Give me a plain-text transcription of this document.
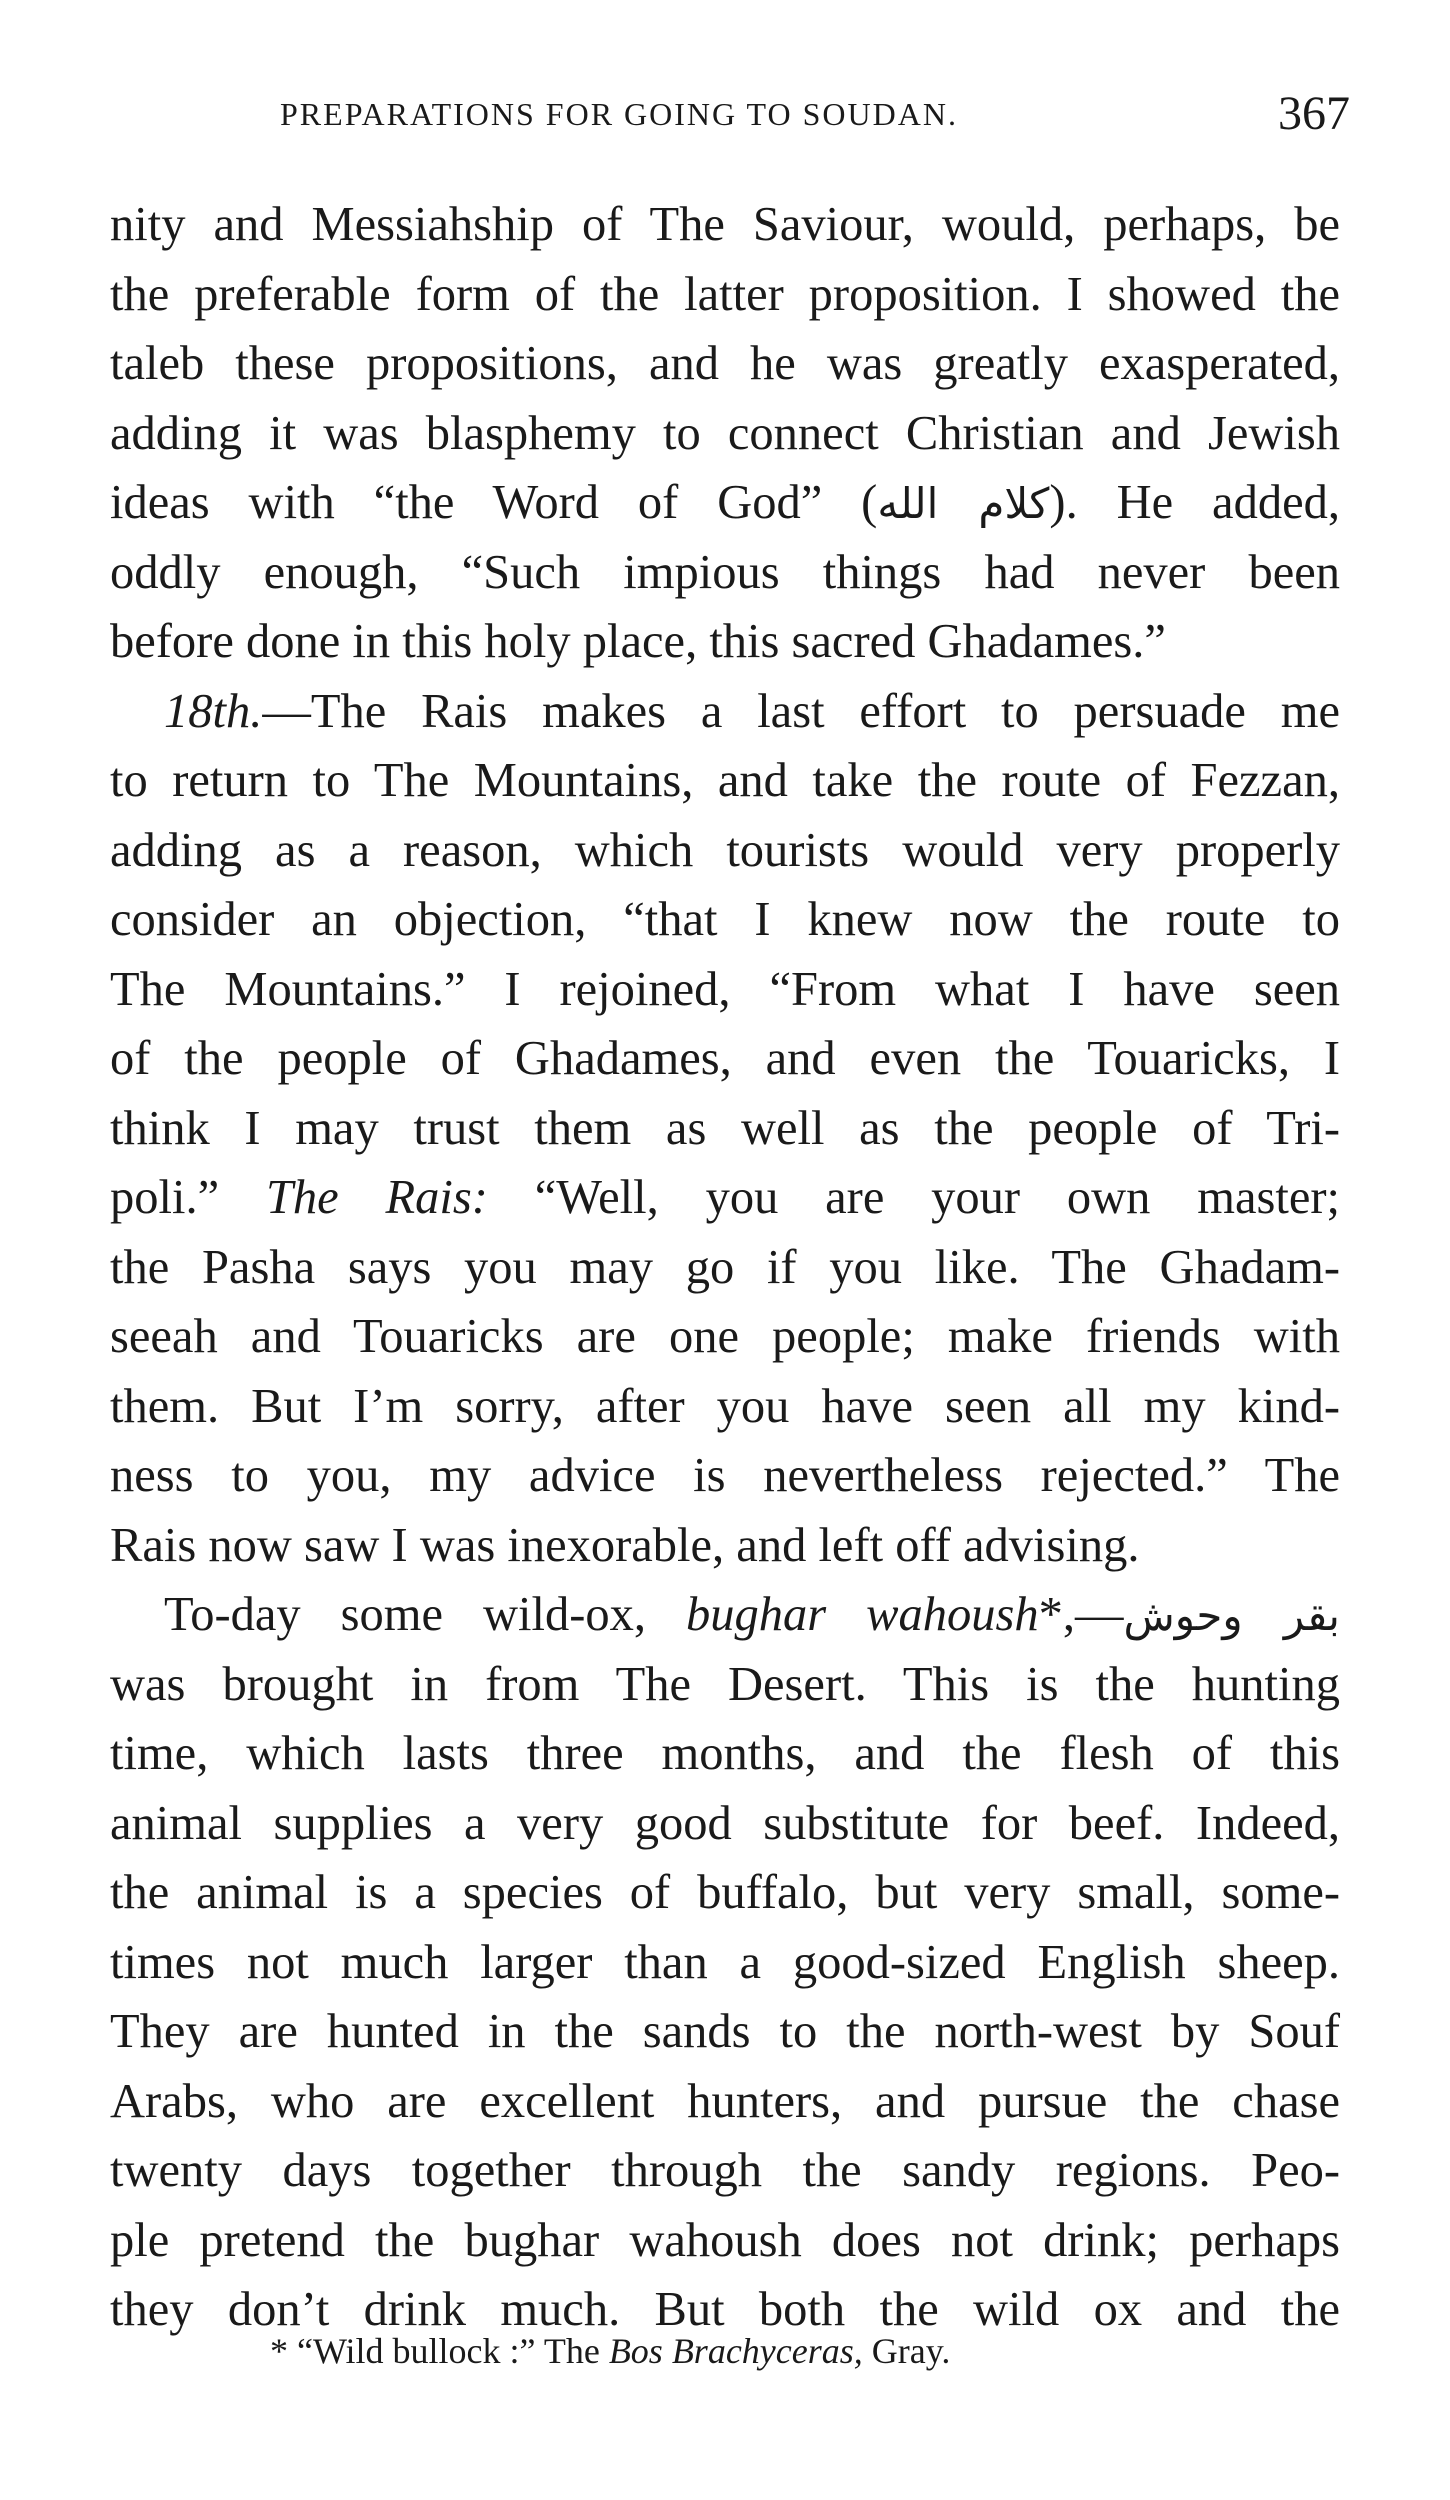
PREPARATIONS FOR GOING TO SOUDAN.	367
nity and Messiahship of The Saviour, would, perhaps, be
the preferable form of the latter proposition. I showed the
taleb these propositions, and he was greatly exasperated,
adding it was blasphemy to connect Christian and Jewish
ideas with “the Word of God” (كلام الله). He added,
oddly enough, “Such impious things had never been
before done in this holy place, this sacred Ghadames.”
18th.—The Rais makes a last effort to persuade me
to return to The Mountains, and take the route of Fezzan,
adding as a reason, which tourists would very properly
consider an objection, “that I knew now the route to
The Mountains.” I rejoined, “From what I have seen
of the people of Ghadames, and even the Touaricks, I
think I may trust them as well as the people of Tri-
poli.” The Rais: “Well, you are your own master;
the Pasha says you may go if you like. The Ghadam-
seeah and Touaricks are one people; make friends with
them. But I’m sorry, after you have seen all my kind-
ness to you, my advice is nevertheless rejected.” The
Rais now saw I was inexorable, and left off advising.
To-day some wild-ox, bughar wahoush*,—بقر وحوش
was brought in from The Desert. This is the hunting
time, which lasts three months, and the flesh of this
animal supplies a very good substitute for beef. Indeed,
the animal is a species of buffalo, but very small, some-
times not much larger than a good-sized English sheep.
They are hunted in the sands to the north-west by Souf
Arabs, who are excellent hunters, and pursue the chase
twenty days together through the sandy regions. Peo-
ple pretend the bughar wahoush does not drink; perhaps
they don’t drink much. But both the wild ox and the
* “Wild bullock :” The Bos Brachyceras, Gray.
